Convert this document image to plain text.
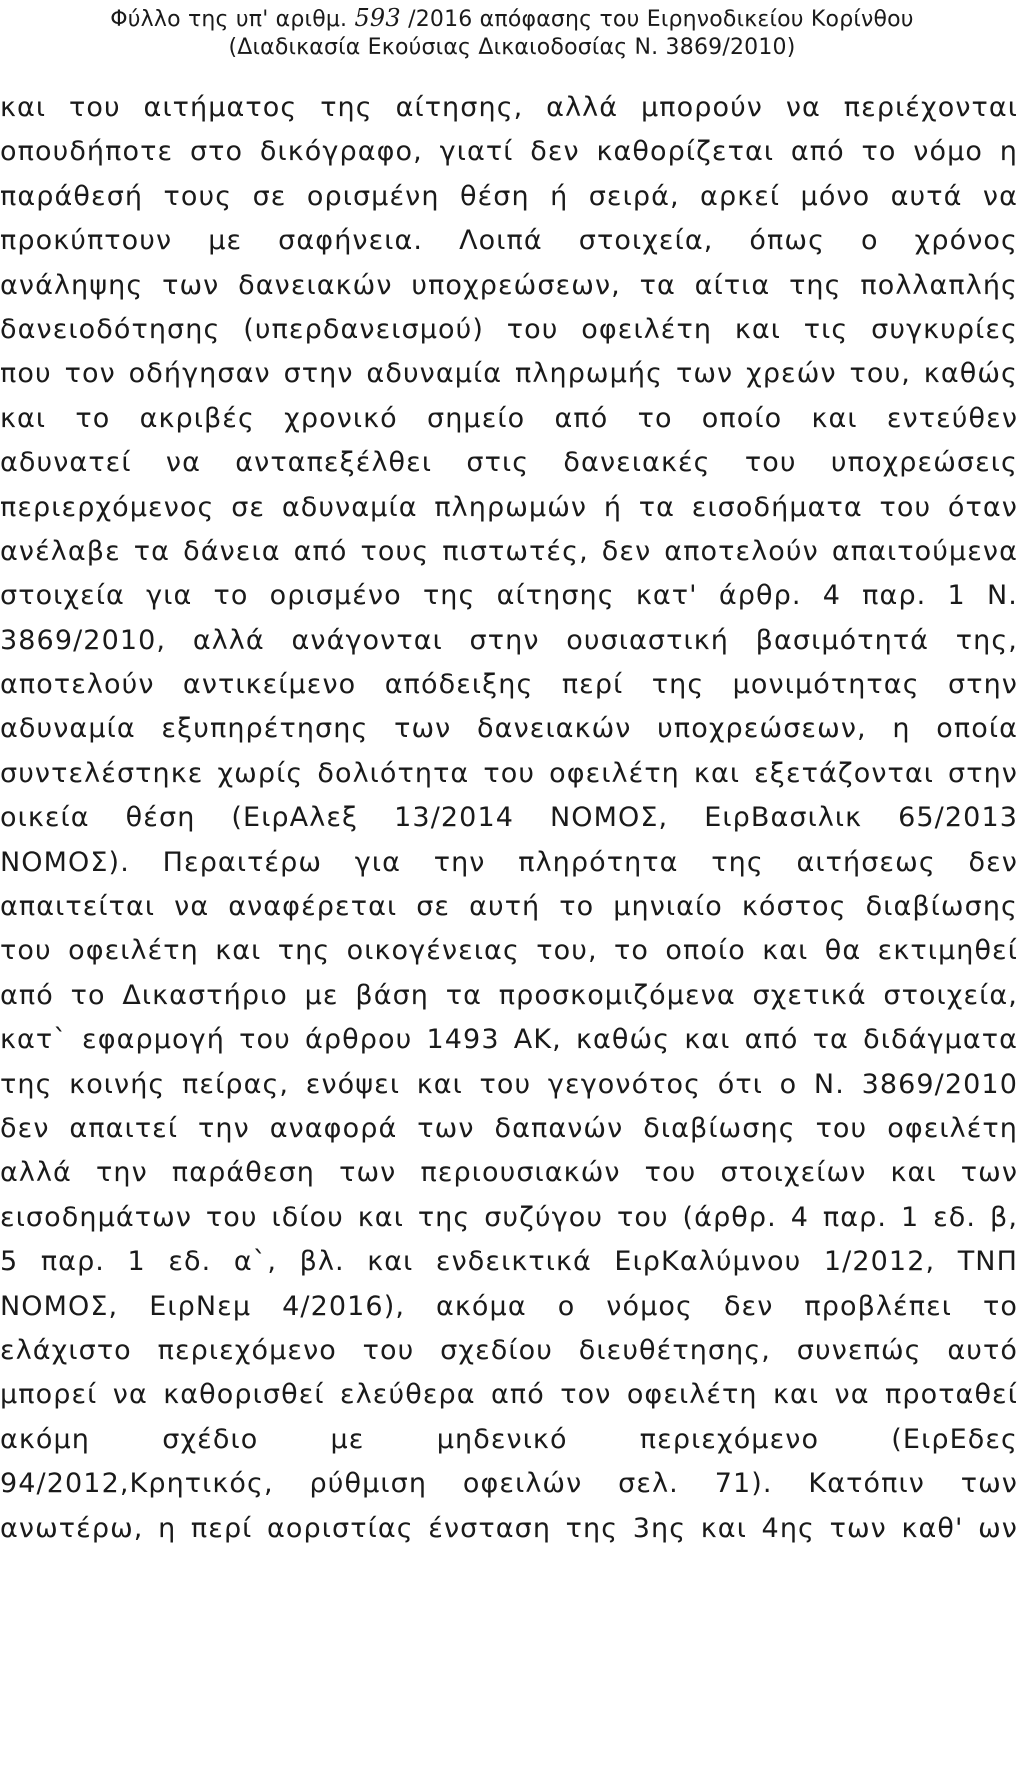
Φύλλο της υπ' αριθμ. 593 /2016 απόφασης του Ειρηνοδικείου Κορίνθου
(Διαδικασία Εκούσιας Δικαιοδοσίας Ν. 3869/2010)
και του αιτήματος της αίτησης, αλλά μπορούν να περιέχονται
οπουδήποτε στο δικόγραφο, γιατί δεν καθορίζεται από το νόμο η
παράθεσή τους σε ορισμένη θέση ή σειρά, αρκεί μόνο αυτά να
προκύπτουν με σαφήνεια. Λοιπά στοιχεία, όπως ο χρόνος
ανάληψης των δανειακών υποχρεώσεων, τα αίτια της πολλαπλής
δανειοδότησης (υπερδανεισμού) του οφειλέτη και τις συγκυρίες
που τον οδήγησαν στην αδυναμία πληρωμής των χρεών του, καθώς
και το ακριβές χρονικό σημείο από το οποίο και εντεύθεν
αδυνατεί να ανταπεξέλθει στις δανειακές του υποχρεώσεις
περιερχόμενος σε αδυναμία πληρωμών ή τα εισοδήματα του όταν
ανέλαβε τα δάνεια από τους πιστωτές, δεν αποτελούν απαιτούμενα
στοιχεία για το ορισμένο της αίτησης κατ' άρθρ. 4 παρ. 1 Ν.
3869/2010, αλλά ανάγονται στην ουσιαστική βασιμότητά της,
αποτελούν αντικείμενο απόδειξης περί της μονιμότητας στην
αδυναμία εξυπηρέτησης των δανειακών υποχρεώσεων, η οποία
συντελέστηκε χωρίς δολιότητα του οφειλέτη και εξετάζονται στην
οικεία θέση (ΕιρΑλεξ 13/2014 ΝΟΜΟΣ, ΕιρΒασιλικ 65/2013
ΝΟΜΟΣ). Περαιτέρω για την πληρότητα της αιτήσεως δεν
απαιτείται να αναφέρεται σε αυτή το μηνιαίο κόστος διαβίωσης
του οφειλέτη και της οικογένειας του, το οποίο και θα εκτιμηθεί
από το Δικαστήριο με βάση τα προσκομιζόμενα σχετικά στοιχεία,
κατ` εφαρμογή του άρθρου 1493 ΑΚ, καθώς και από τα διδάγματα
της κοινής πείρας, ενόψει και του γεγονότος ότι ο Ν. 3869/2010
δεν απαιτεί την αναφορά των δαπανών διαβίωσης του οφειλέτη
αλλά την παράθεση των περιουσιακών του στοιχείων και των
εισοδημάτων του ιδίου και της συζύγου του (άρθρ. 4 παρ. 1 εδ. β,
5 παρ. 1 εδ. α`, βλ. και ενδεικτικά ΕιρΚαλύμνου 1/2012, ΤΝΠ
ΝΟΜΟΣ, ΕιρΝεμ 4/2016), ακόμα ο νόμος δεν προβλέπει το
ελάχιστο περιεχόμενο του σχεδίου διευθέτησης, συνεπώς αυτό
μπορεί να καθορισθεί ελεύθερα από τον οφειλέτη και να προταθεί
ακόμη σχέδιο με μηδενικό περιεχόμενο (ΕιρΕδες
94/2012,Κρητικός, ρύθμιση οφειλών σελ. 71). Κατόπιν των
ανωτέρω, η περί αοριστίας ένσταση της 3ης και 4ης των καθ' ων
